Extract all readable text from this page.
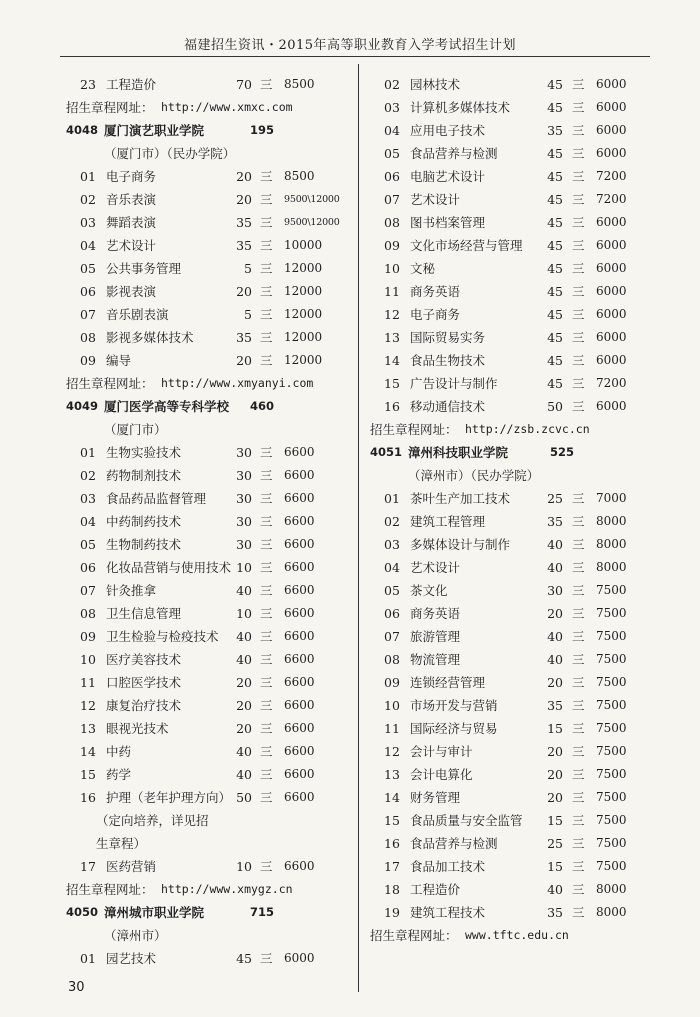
福建招生资讯・2015年高等职业教育入学考试招生计划
23 工程造价	70 三 8500
招生章程网址： http://www.xmxc.com
4048 厦门演艺职业学院	195
（厦门市）（民办学院）
01 电子商务	20 三 8500
02 音乐表演	20 三 9500\12000
03 舞蹈表演	35 三 9500\12000
04 艺术设计	35 三 10000
05 公共事务管理	5 三 12000
06 影视表演	20 三 12000
07 音乐剧表演	5 三 12000
08 影视多媒体技术	35 三 12000
09 编导	20 三 12000
招生章程网址： http://www.xmyanyi.com
4049 厦门医学高等专科学校 460
（厦门市）
01 生物实验技术	30 三 6600
02 药物制剂技术	30 三 6600
03 食品药品监督管理	30 三 6600
04 中药制药技术	30 三 6600
05 生物制药技术	30 三 6600
06 化妆品营销与使用技术 10 三 6600
07 针灸推拿	40 三 6600
08 卫生信息管理	10 三 6600
09 卫生检验与检疫技术	40 三 6600
10 医疗美容技术	40 三 6600
11 口腔医学技术	20 三 6600
12 康复治疗技术	20 三 6600
13 眼视光技术	20 三 6600
14 中药	40 三 6600
15 药学	40 三 6600
16 护理（老年护理方向） 50 三 6600
（定向培养，详见招
生章程）
17 医药营销	10 三 6600
招生章程网址： http://www.xmygz.cn
4050 漳州城市职业学院	715
（漳州市）
01 园艺技术	45 三 6000
02 园林技术	45 三 6000
03 计算机多媒体技术	45 三 6000
04 应用电子技术	35 三 6000
05 食品营养与检测	45 三 6000
06 电脑艺术设计	45 三 7200
07 艺术设计	45 三 7200
08 图书档案管理	45 三 6000
09 文化市场经营与管理	45 三 6000
10 文秘	45 三 6000
11 商务英语	45 三 6000
12 电子商务	45 三 6000
13 国际贸易实务	45 三 6000
14 食品生物技术	45 三 6000
15 广告设计与制作	45 三 7200
16 移动通信技术	50 三 6000
招生章程网址： http://zsb.zcvc.cn
4051 漳州科技职业学院	525
（漳州市）（民办学院）
01 茶叶生产加工技术	25 三 7000
02 建筑工程管理	35 三 8000
03 多媒体设计与制作	40 三 8000
04 艺术设计	40 三 8000
05 茶文化	30 三 7500
06 商务英语	20 三 7500
07 旅游管理	40 三 7500
08 物流管理	40 三 7500
09 连锁经营管理	20 三 7500
10 市场开发与营销	35 三 7500
11 国际经济与贸易	15 三 7500
12 会计与审计	20 三 7500
13 会计电算化	20 三 7500
14 财务管理	20 三 7500
15 食品质量与安全监管	15 三 7500
16 食品营养与检测	25 三 7500
17 食品加工技术	15 三 7500
18 工程造价	40 三 8000
19 建筑工程技术	35 三 8000
招生章程网址： www.tftc.edu.cn
30
